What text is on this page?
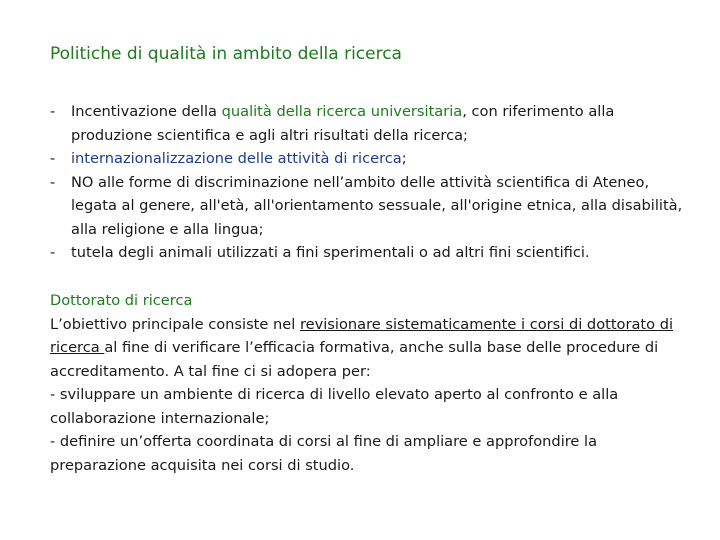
Politiche di qualità in ambito della ricerca
- Incentivazione della qualità della ricerca universitaria, con riferimento alla produzione scientifica e agli altri risultati della ricerca;
- internazionalizzazione delle attività di ricerca;
- NO alle forme di discriminazione nell’ambito delle attività scientifica di Ateneo, legata al genere, all'età, all'orientamento sessuale, all'origine etnica, alla disabilità, alla religione e alla lingua;
- tutela degli animali utilizzati a fini sperimentali o ad altri fini scientifici.
Dottorato di ricerca
L’obiettivo principale consiste nel revisionare sistematicamente i corsi di dottorato di ricerca al fine di verificare l’efficacia formativa, anche sulla base delle procedure di accreditamento. A tal fine ci si adopera per:
- sviluppare un ambiente di ricerca di livello elevato aperto al confronto e alla collaborazione internazionale;
- definire un’offerta coordinata di corsi al fine di ampliare e approfondire la preparazione acquisita nei corsi di studio.
